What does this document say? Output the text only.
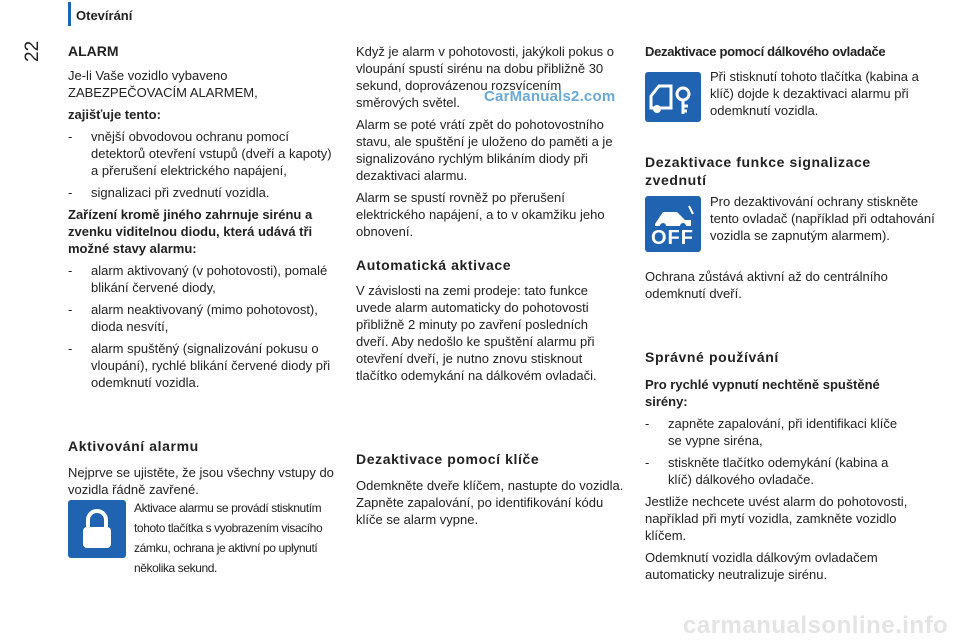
Otevírání
22 ALARM

Je-li Vaše vozidlo vybaveno ZABEZPEČOVACÍM ALARMEM,

zajišťuje tento:

- vnější obvodovou ochranu pomocí detektorů otevření vstupů (dveří a kapoty) a přerušení elektrického napájení,
- signalizaci při zvednutí vozidla.

Zařízení kromě jiného zahrnuje sirénu a zvenku viditelnou diodu, která udává tři možné stavy alarmu:

- alarm aktivovaný (v pohotovosti), pomalé blikání červené diody,
- alarm neaktivovaný (mimo pohotovost), dioda nesvítí,
- alarm spuštěný (signalizování pokusu o vloupání), rychlé blikání červené diody při odemknutí vozidla.
Aktivování alarmu

Nejprve se ujistěte, že jsou všechny vstupy do vozidla řádně zavřené.

Aktivace alarmu se provádí stisknutím tohoto tlačítka s vyobrazením visacího zámku, ochrana je aktivní po uplynutí několika sekund.

Když je alarm v pohotovosti, jakýkoli pokus o vloupání spustí sirénu na dobu přibližně 30 sekund, doprovázenou rozsvícením směrových světel.

Alarm se poté vrátí zpět do pohotovostního stavu, ale spuštění je uloženo do paměti a je signalizováno rychlým blikáním diody při dezaktivaci alarmu.

Alarm se spustí rovněž po přerušení elektrického napájení, a to v okamžiku jeho obnovení.

Automatická aktivace

V závislosti na zemi prodeje: tato funkce uvede alarm automaticky do pohotovosti přibližně 2 minuty po zavření posledních dveří. Aby nedošlo ke spuštění alarmu při otevření dveří, je nutno znovu stisknout tlačítko odemykání na dálkovém ovladači.

Dezaktivace pomocí klíče

Odemkněte dveře klíčem, nastupte do vozidla. Zapněte zapalování, po identifikování kódu klíče se alarm vypne.

CarManuals2.com
Dezaktivace pomocí dálkového ovladače
Při stisknutí tohoto tlačítka (kabina a klíč) dojde k dezaktivaci alarmu při odemknutí vozidla.
Dezaktivace funkce signalizace zvednutí
OFF
Pro dezaktivování ochrany stiskněte tento ovladač (například při odtahování vozidla se zapnutým alarmem).
Ochrana zůstává aktivní až do centrálního odemknutí dveří.
Správné používání

Pro rychlé vypnutí nechtěně spuštěné sirény:

- zapněte zapalování, při identifikaci klíče se vypne siréna,
- stiskněte tlačítko odemykání (kabina a klíč) dálkového ovladače.

Jestliže nechcete uvést alarm do pohotovosti, například při mytí vozidla, zamkněte vozidlo klíčem.

Odemknutí vozidla dálkovým ovladačem automaticky neutralizuje sirénu.

carmanualsonline.info
